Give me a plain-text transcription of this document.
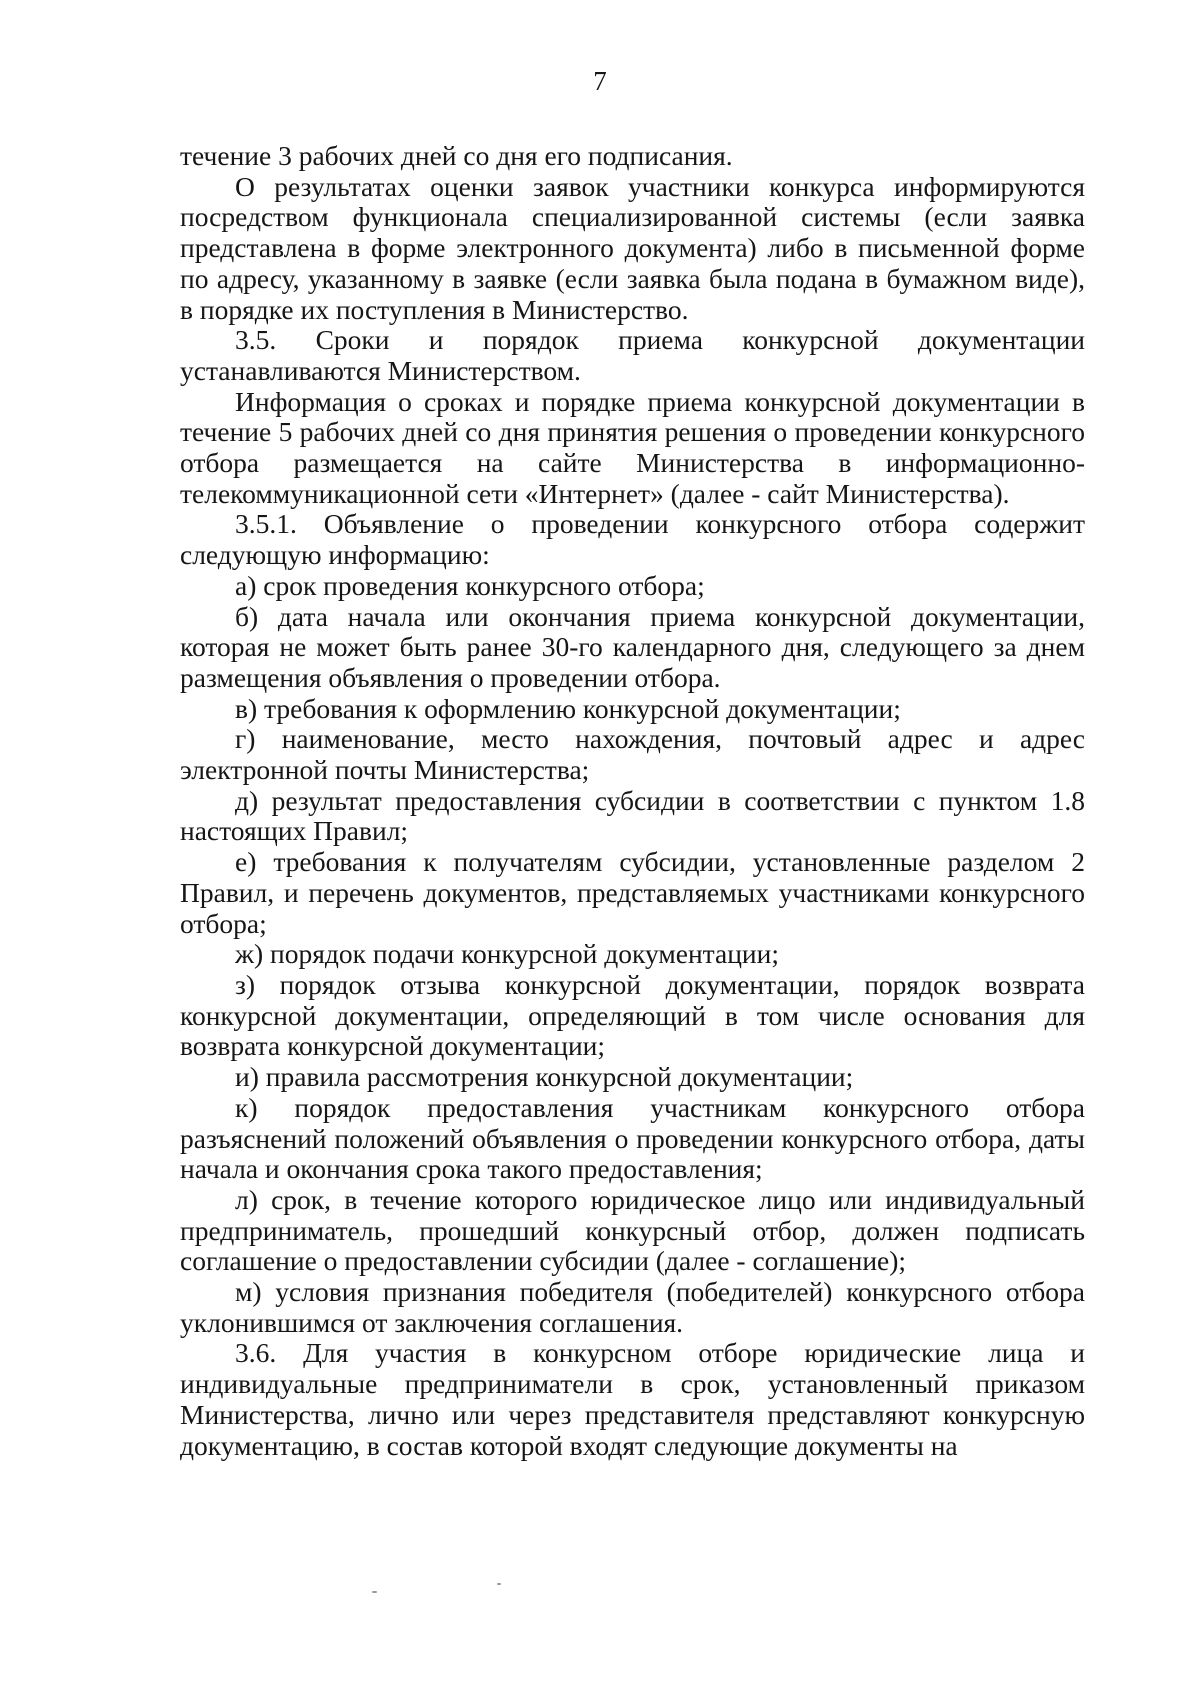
7

течение 3 рабочих дней со дня его подписания.

О результатах оценки заявок участники конкурса информируются посредством функционала специализированной системы (если заявка представлена в форме электронного документа) либо в письменной форме по адресу, указанному в заявке (если заявка была подана в бумажном виде), в порядке их поступления в Министерство.

3.5. Сроки и порядок приема конкурсной документации устанавливаются Министерством.

Информация о сроках и порядке приема конкурсной документации в течение 5 рабочих дней со дня принятия решения о проведении конкурсного отбора размещается на сайте Министерства в информационно-телекоммуникационной сети «Интернет» (далее - сайт Министерства).

3.5.1. Объявление о проведении конкурсного отбора содержит следующую информацию:

а) срок проведения конкурсного отбора;

б) дата начала или окончания приема конкурсной документации, которая не может быть ранее 30-го календарного дня, следующего за днем размещения объявления о проведении отбора.

в) требования к оформлению конкурсной документации;

г) наименование, место нахождения, почтовый адрес и адрес электронной почты Министерства;

д) результат предоставления субсидии в соответствии с пунктом 1.8 настоящих Правил;

е) требования к получателям субсидии, установленные разделом 2 Правил, и перечень документов, представляемых участниками конкурсного отбора;

ж) порядок подачи конкурсной документации;

з) порядок отзыва конкурсной документации, порядок возврата конкурсной документации, определяющий в том числе основания для возврата конкурсной документации;

и) правила рассмотрения конкурсной документации;

к) порядок предоставления участникам конкурсного отбора разъяснений положений объявления о проведении конкурсного отбора, даты начала и окончания срока такого предоставления;

л) срок, в течение которого юридическое лицо или индивидуальный предприниматель, прошедший конкурсный отбор, должен подписать соглашение о предоставлении субсидии (далее - соглашение);

м) условия признания победителя (победителей) конкурсного отбора уклонившимся от заключения соглашения.

3.6. Для участия в конкурсном отборе юридические лица и индивидуальные предприниматели в срок, установленный приказом Министерства, лично или через представителя представляют конкурсную документацию, в состав которой входят следующие документы на
